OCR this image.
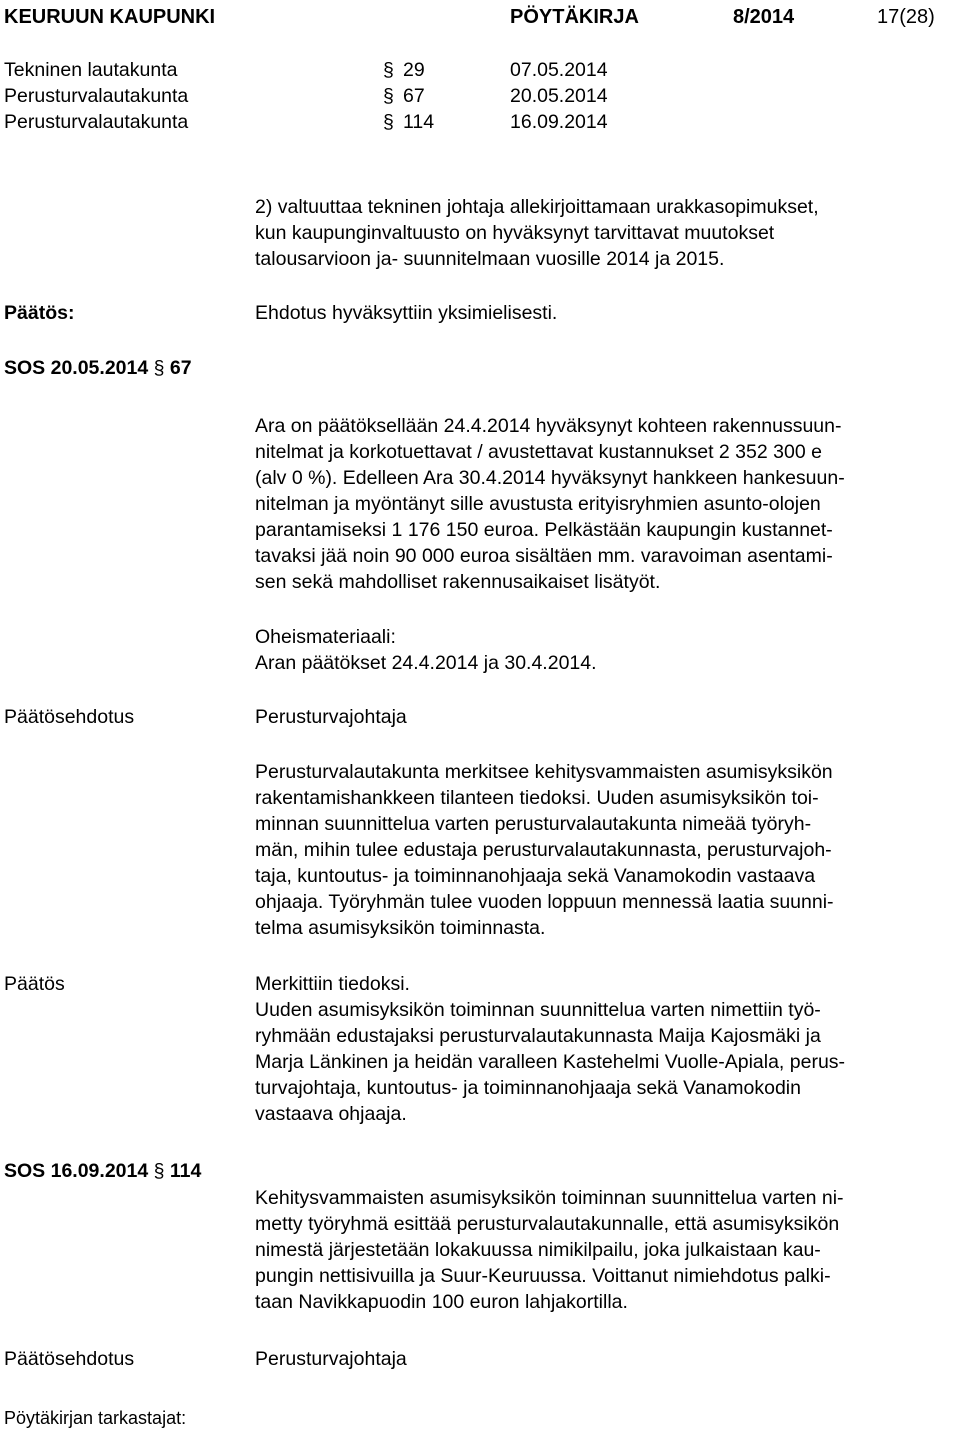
KEURUUN KAUPUNKI	PÖYTÄKIRJA	8/2014	17(28)
Tekninen lautakunta	§ 29	07.05.2014
Perusturvalautakunta	§ 67	20.05.2014
Perusturvalautakunta	§ 114	16.09.2014
2) valtuuttaa tekninen johtaja allekirjoittamaan urakkasopimukset,
kun kaupunginvaltuusto on hyväksynyt tarvittavat muutokset
talousarvioon ja- suunnitelmaan vuosille 2014 ja 2015.
Päätös:	Ehdotus hyväksyttiin yksimielisesti.
SOS 20.05.2014 § 67
Ara on päätöksellään 24.4.2014 hyväksynyt kohteen rakennussuun-
nitelmat ja korkotuettavat / avustettavat kustannukset 2 352 300 e
(alv 0 %). Edelleen Ara 30.4.2014 hyväksynyt hankkeen hankesuun-
nitelman ja myöntänyt sille avustusta erityisryhmien asunto-olojen
parantamiseksi 1 176 150 euroa. Pelkästään kaupungin kustannet-
tavaksi jää noin 90 000 euroa sisältäen mm. varavoiman asentami-
sen sekä mahdolliset rakennusaikaiset lisätyöt.
Oheismateriaali:
Aran päätökset 24.4.2014 ja 30.4.2014.
Päätösehdotus	Perusturvajohtaja
Perusturvalautakunta merkitsee kehitysvammaisten asumisyksikön
rakentamishankkeen tilanteen tiedoksi. Uuden asumisyksikön toi-
minnan suunnittelua varten perusturvalautakunta nimeää työryh-
män, mihin tulee edustaja perusturvalautakunnasta, perusturvajoh-
taja, kuntoutus- ja toiminnanohjaaja sekä Vanamokodin vastaava
ohjaaja. Työryhmän tulee vuoden loppuun mennessä laatia suunni-
telma asumisyksikön toiminnasta.
Päätös	Merkittiin tiedoksi.
Uuden asumisyksikön toiminnan suunnittelua varten nimettiin työ-
ryhmään edustajaksi perusturvalautakunnasta Maija Kajosmäki ja
Marja Länkinen ja heidän varalleen Kastehelmi Vuolle-Apiala, perus-
turvajohtaja, kuntoutus- ja toiminnanohjaaja sekä Vanamokodin
vastaava ohjaaja.
SOS 16.09.2014 § 114
Kehitysvammaisten asumisyksikön toiminnan suunnittelua varten ni-
metty työryhmä esittää perusturvalautakunnalle, että asumisyksikön
nimestä järjestetään lokakuussa nimikilpailu, joka julkaistaan kau-
pungin nettisivuilla ja Suur-Keuruussa. Voittanut nimiehdotus palki-
taan Navikkapuodin 100 euron lahjakortilla.
Päätösehdotus	Perusturvajohtaja
Pöytäkirjan tarkastajat:
